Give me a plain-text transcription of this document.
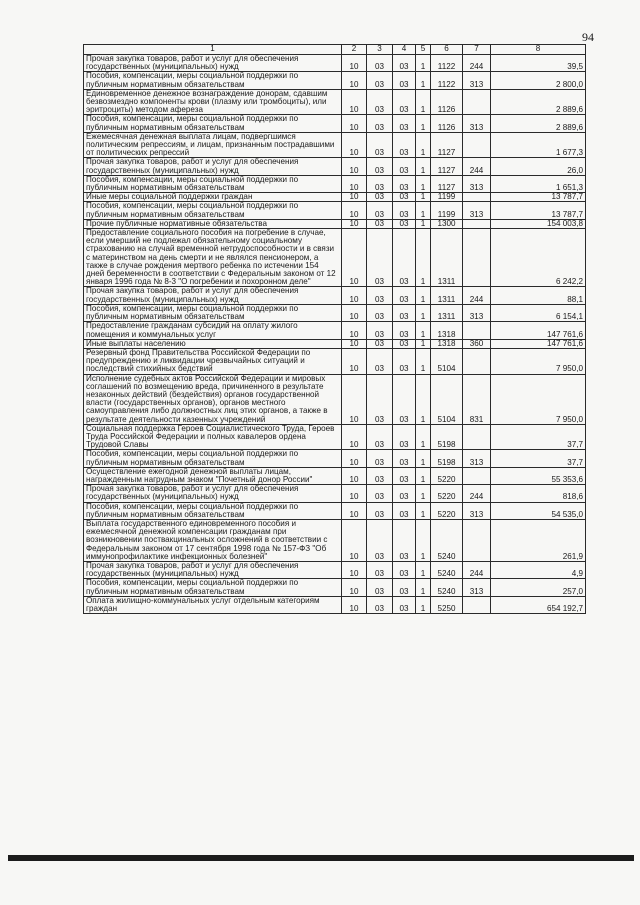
94
1	2	3	4	5	6	7	8
Прочая закупка товаров, работ и услуг для обеспечения государственных (муниципальных) нужд	10	03	03	1	1122	244	39,5
Пособия, компенсации, меры социальной поддержки по публичным нормативным обязательствам	10	03	03	1	1122	313	2 800,0
Единовременное денежное вознаграждение донорам, сдавшим безвозмездно компоненты крови (плазму или тромбоциты), или эритроциты) методом афереза	10	03	03	1	1126		2 889,6
Пособия, компенсации, меры социальной поддержки по публичным нормативным обязательствам	10	03	03	1	1126	313	2 889,6
Ежемесячная денежная выплата лицам, подвергшимся политическим репрессиям, и лицам, признанным пострадавшими от политических репрессий	10	03	03	1	1127		1 677,3
Прочая закупка товаров, работ и услуг для обеспечения государственных (муниципальных) нужд	10	03	03	1	1127	244	26,0
Пособия, компенсации, меры социальной поддержки по публичным нормативным обязательствам	10	03	03	1	1127	313	1 651,3
Иные меры социальной поддержки граждан	10	03	03	1	1199		13 787,7
Пособия, компенсации, меры социальной поддержки по публичным нормативным обязательствам	10	03	03	1	1199	313	13 787,7
Прочие публичные нормативные обязательства	10	03	03	1	1300		154 003,8
Предоставление социального пособия на погребение в случае, если умерший не подлежал обязательному социальному страхованию на случай временной нетрудоспособности и в связи с материнством на день смерти и не являлся пенсионером, а также в случае рождения мертвого ребенка по истечении 154 дней беременности в соответствии с Федеральным законом от 12 января 1996 года № 8-3 "О погребении и похоронном деле"	10	03	03	1	1311		6 242,2
Прочая закупка товаров, работ и услуг для обеспечения государственных (муниципальных) нужд	10	03	03	1	1311	244	88,1
Пособия, компенсации, меры социальной поддержки по публичным нормативным обязательствам	10	03	03	1	1311	313	6 154,1
Предоставление гражданам субсидий на оплату жилого помещения и коммунальных услуг	10	03	03	1	1318		147 761,6
Иные выплаты населению	10	03	03	1	1318	360	147 761,6
Резервный фонд Правительства Российской Федерации по предупреждению и ликвидации чрезвычайных ситуаций и последствий стихийных бедствий	10	03	03	1	5104		7 950,0
Исполнение судебных актов Российской Федерации и мировых соглашений по возмещению вреда, причиненного в результате незаконных действий (бездействия) органов государственной власти (государственных органов), органов местного самоуправления либо должностных лиц этих органов, а также в результате деятельности казенных учреждений	10	03	03	1	5104	831	7 950,0
Социальная поддержка Героев Социалистического Труда, Героев Труда Российской Федерации и полных кавалеров ордена Трудовой Славы	10	03	03	1	5198		37,7
Пособия, компенсации, меры социальной поддержки по публичным нормативным обязательствам	10	03	03	1	5198	313	37,7
Осуществление ежегодной денежной выплаты лицам, награжденным нагрудным знаком "Почетный донор России"	10	03	03	1	5220		55 353,6
Прочая закупка товаров, работ и услуг для обеспечения государственных (муниципальных) нужд	10	03	03	1	5220	244	818,6
Пособия, компенсации, меры социальной поддержки по публичным нормативным обязательствам	10	03	03	1	5220	313	54 535,0
Выплата государственного единовременного пособия и ежемесячной денежной компенсации гражданам при возникновении поствакцинальных осложнений в соответствии с Федеральным законом от 17 сентября 1998 года № 157-ФЗ "Об иммунопрофилактике инфекционных болезней"	10	03	03	1	5240		261,9
Прочая закупка товаров, работ и услуг для обеспечения государственных (муниципальных) нужд	10	03	03	1	5240	244	4,9
Пособия, компенсации, меры социальной поддержки по публичным нормативным обязательствам	10	03	03	1	5240	313	257,0
Оплата жилищно-коммунальных услуг отдельным категориям граждан	10	03	03	1	5250		654 192,7
